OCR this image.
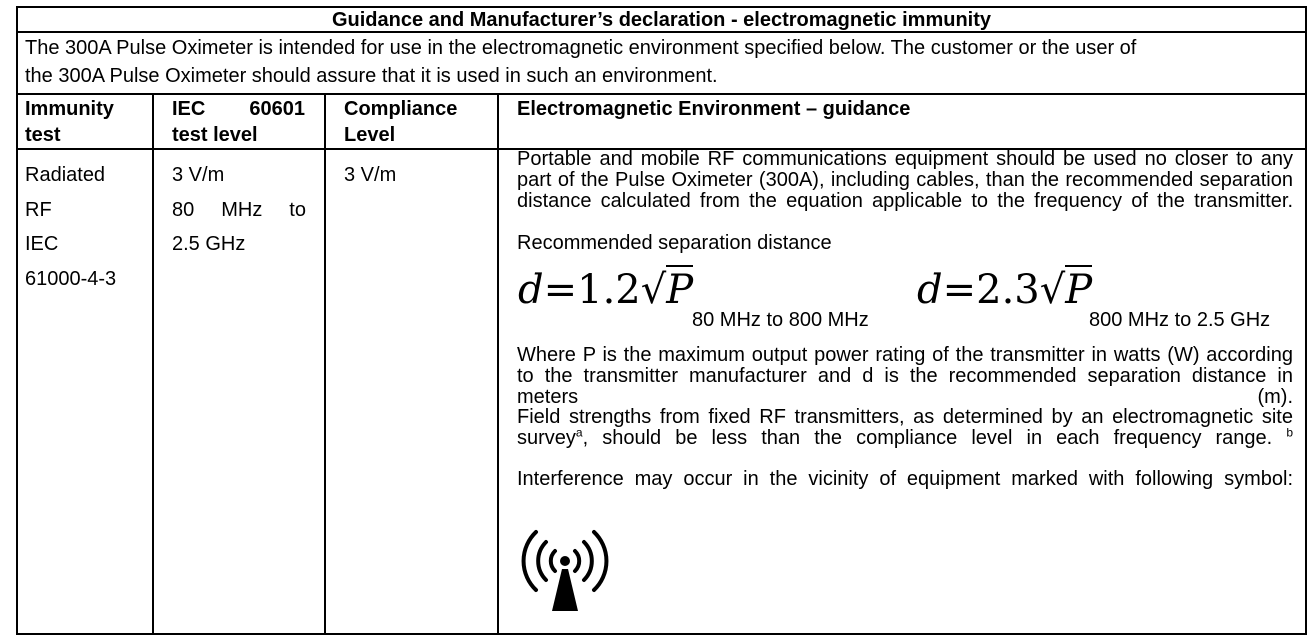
Guidance and Manufacturer’s declaration - electromagnetic immunity
The 300A Pulse Oximeter is intended for use in the electromagnetic environment specified below. The customer or the user of
the 300A Pulse Oximeter should assure that it is used in such an environment.
Immunity
test
IEC 60601
test level
Compliance
Level
Electromagnetic Environment – guidance
Radiated
RF
IEC
61000-4-3
3 V/m
80 MHz to
2.5 GHz
3 V/m
Portable and mobile RF communications equipment should be used no closer to any part of the Pulse Oximeter (300A), including cables, than the recommended separation distance calculated from the equation applicable to the frequency of the transmitter.
Recommended separation distance
d=1.2√P
80 MHz to 800 MHz
d=2.3√P
800 MHz to 2.5 GHz
Where P is the maximum output power rating of the transmitter in watts (W) according to the transmitter manufacturer and d is the recommended separation distance in meters (m).
Field strengths from fixed RF transmitters, as determined by an electromagnetic site survey$^a$, should be less than the compliance level in each frequency range. $^b$
Interference may occur in the vicinity of equipment marked with following symbol:
